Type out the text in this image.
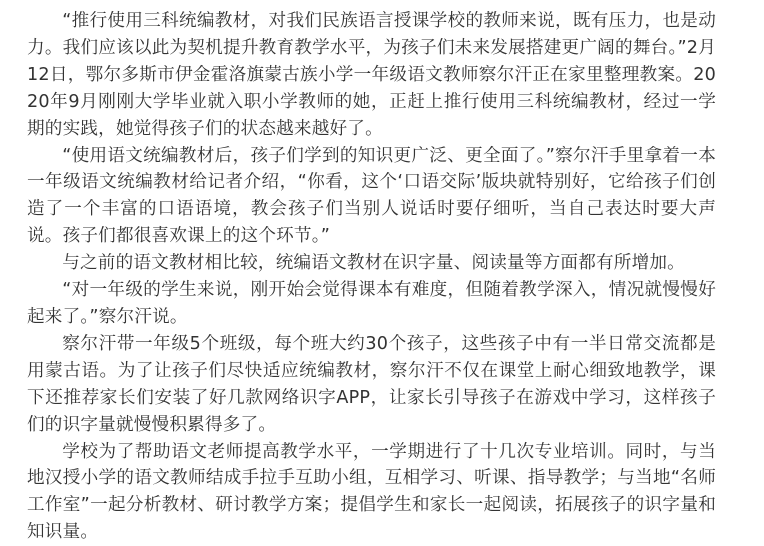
“推行使用三科统编教材，对我们民族语言授课学校的教师来说，既有压力，也是动力。我们应该以此为契机提升教育教学水平，为孩子们未来发展搭建更广阔的舞台。”2月12日，鄂尔多斯市伊金霍洛旗蒙古族小学一年级语文教师察尔汗正在家里整理教案。2020年9月刚刚大学毕业就入职小学教师的她，正赶上推行使用三科统编教材，经过一学期的实践，她觉得孩子们的状态越来越好了。

“使用语文统编教材后，孩子们学到的知识更广泛、更全面了。”察尔汗手里拿着一本一年级语文统编教材给记者介绍，“你看，这个‘口语交际’版块就特别好，它给孩子们创造了一个丰富的口语语境，教会孩子们当别人说话时要仔细听，当自己表达时要大声说。孩子们都很喜欢课上的这个环节。”

与之前的语文教材相比较，统编语文教材在识字量、阅读量等方面都有所增加。

“对一年级的学生来说，刚开始会觉得课本有难度，但随着教学深入，情况就慢慢好起来了。”察尔汗说。

察尔汗带一年级5个班级，每个班大约30个孩子，这些孩子中有一半日常交流都是用蒙古语。为了让孩子们尽快适应统编教材，察尔汗不仅在课堂上耐心细致地教学，课下还推荐家长们安装了好几款网络识字APP，让家长引导孩子在游戏中学习，这样孩子们的识字量就慢慢积累得多了。

学校为了帮助语文老师提高教学水平，一学期进行了十几次专业培训。同时，与当地汉授小学的语文教师结成手拉手互助小组，互相学习、听课、指导教学；与当地“名师工作室”一起分析教材、研讨教学方案；提倡学生和家长一起阅读，拓展孩子的识字量和知识量。
